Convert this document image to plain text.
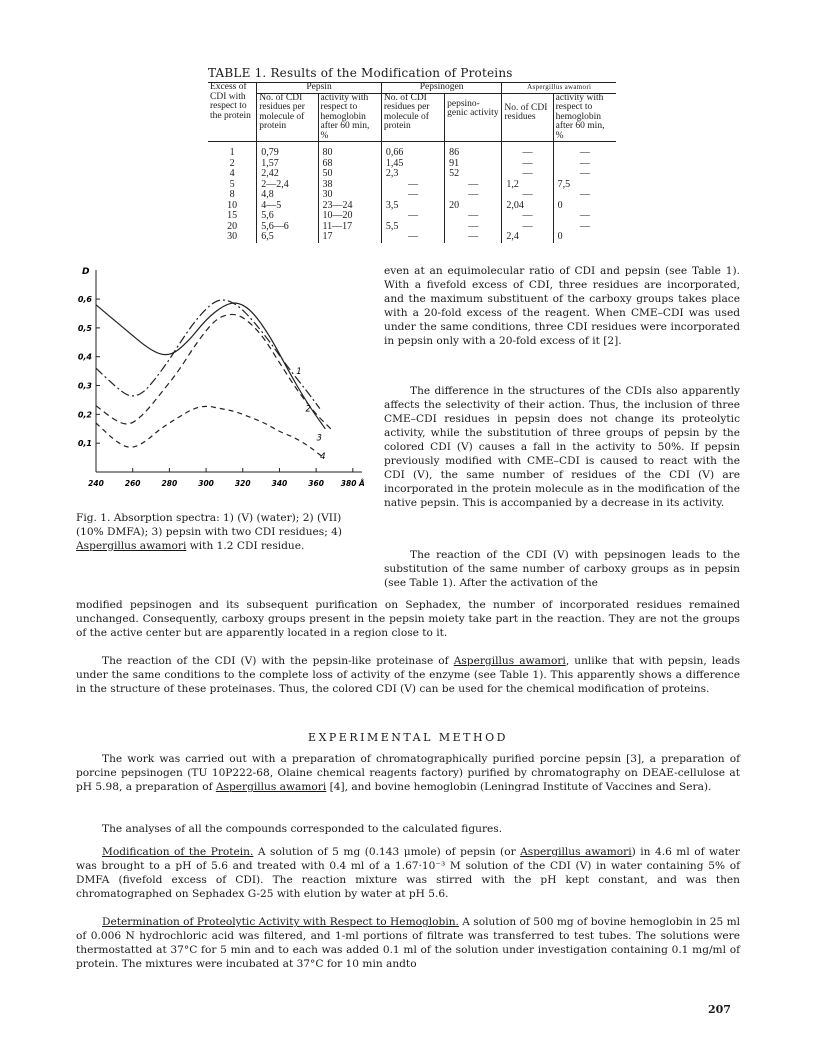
TABLE 1. Results of the Modification of Proteins
Excess of CDI with respect to the protein	Pepsin		Pepsinogen		Aspergillus awamori	
	No. of CDI residues per molecule of protein	activity with respect to hemoglobin after 60 min, %	No. of CDI residues per molecule of protein	pepsino-genic activity	No. of CDI residues	activity with respect to hemoglobin after 60 min, %
1	0,79	80	0,66	86	—	—
2	1,57	68	1,45	91	—	—
4	2,42	50	2,3	52	—	—
5	2—2,4	38	—	—	1,2	7,5
8	4,8	30	—	—	—	—
10	4—5	23—24	3,5	20	2,04	0
15	5,6	10—20	—	—	—	—
20	5,6—6	11—17	5,5	—	—	—
30	6,5	17	—	—	2,4	0
D
0,1
0,2
0,3
0,4
0,5
0,6
240	260	280	300	320	340	360 380 Å
1
2
3
4
Fig. 1. Absorption spectra: 1) (V) (water); 2) (VII) (10% DMFA); 3) pepsin with two CDI residues; 4) Aspergillus awamori with 1.2 CDI residue.
even at an equimolecular ratio of CDI and pepsin (see Table 1). With a fivefold excess of CDI, three residues are incorporated, and the maximum substituent of the carboxy groups takes place with a 20-fold excess of the reagent. When CME–CDI was used under the same conditions, three CDI residues were incorporated in pepsin only with a 20-fold excess of it [2].
The difference in the structures of the CDIs also apparently affects the selectivity of their action. Thus, the inclusion of three CME–CDI residues in pepsin does not change its proteolytic activity, while the substitution of three groups of pepsin by the colored CDI (V) causes a fall in the activity to 50%. If pepsin previously modified with CME–CDI is caused to react with the CDI (V), the same number of residues of the CDI (V) are incorporated in the protein molecule as in the modification of the native pepsin. This is accompanied by a decrease in its activity.
The reaction of the CDI (V) with pepsinogen leads to the substitution of the same number of carboxy groups as in pepsin (see Table 1). After the activation of the
modified pepsinogen and its subsequent purification on Sephadex, the number of incorporated residues remained unchanged. Consequently, carboxy groups present in the pepsin moiety take part in the reaction. They are not the groups of the active center but are apparently located in a region close to it.
The reaction of the CDI (V) with the pepsin-like proteinase of Aspergillus awamori, unlike that with pepsin, leads under the same conditions to the complete loss of activity of the enzyme (see Table 1). This apparently shows a difference in the structure of these proteinases. Thus, the colored CDI (V) can be used for the chemical modification of proteins.
EXPERIMENTAL METHOD
The work was carried out with a preparation of chromatographically purified porcine pepsin [3], a preparation of porcine pepsinogen (TU 10P222-68, Olaine chemical reagents factory) purified by chromatography on DEAE-cellulose at pH 5.98, a preparation of Aspergillus awamori [4], and bovine hemoglobin (Leningrad Institute of Vaccines and Sera).
The analyses of all the compounds corresponded to the calculated figures.
Modification of the Protein. A solution of 5 mg (0.143 μmole) of pepsin (or Aspergillus awamori) in 4.6 ml of water was brought to a pH of 5.6 and treated with 0.4 ml of a 1.67·10⁻³ M solution of the CDI (V) in water containing 5% of DMFA (fivefold excess of CDI). The reaction mixture was stirred with the pH kept constant, and was then chromatographed on Sephadex G-25 with elution by water at pH 5.6.
Determination of Proteolytic Activity with Respect to Hemoglobin. A solution of 500 mg of bovine hemoglobin in 25 ml of 0.006 N hydrochloric acid was filtered, and 1-ml portions of filtrate was transferred to test tubes. The solutions were thermostatted at 37°C for 5 min and to each was added 0.1 ml of the solution under investigation containing 0.1 mg/ml of protein. The mixtures were incubated at 37°C for 10 min andto
207
